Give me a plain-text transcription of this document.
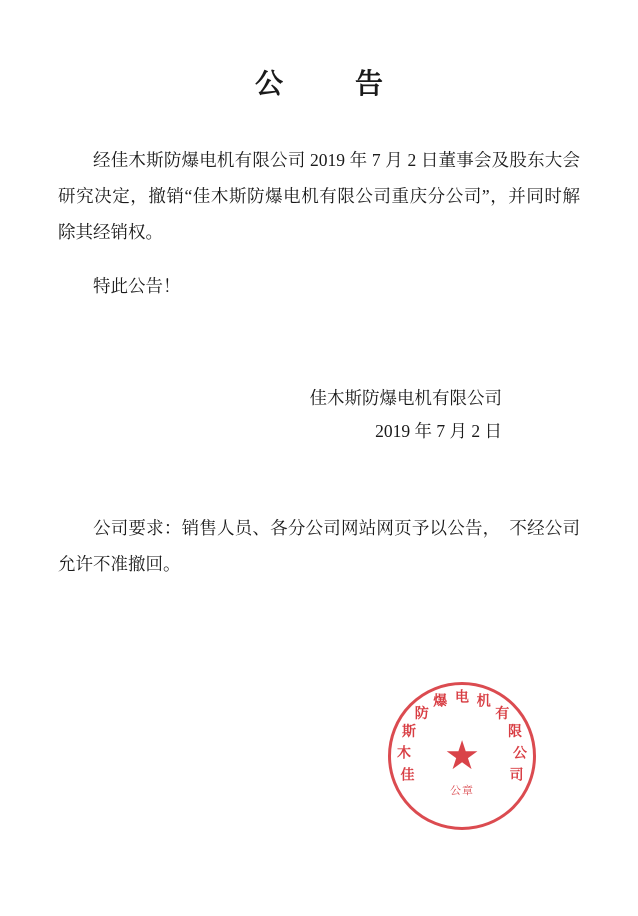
公　告

经佳木斯防爆电机有限公司 2019 年 7 月 2 日董事会及股东大会研究决定，撤销“佳木斯防爆电机有限公司重庆分公司”，并同时解除其经销权。

特此公告！

佳
木
斯
防
爆 电 机
有
限
公
司
★
公章

佳木斯防爆电机有限公司

2019 年 7 月 2 日

公司要求：销售人员、各分公司网站网页予以公告，　不经公司允许不准撤回。
